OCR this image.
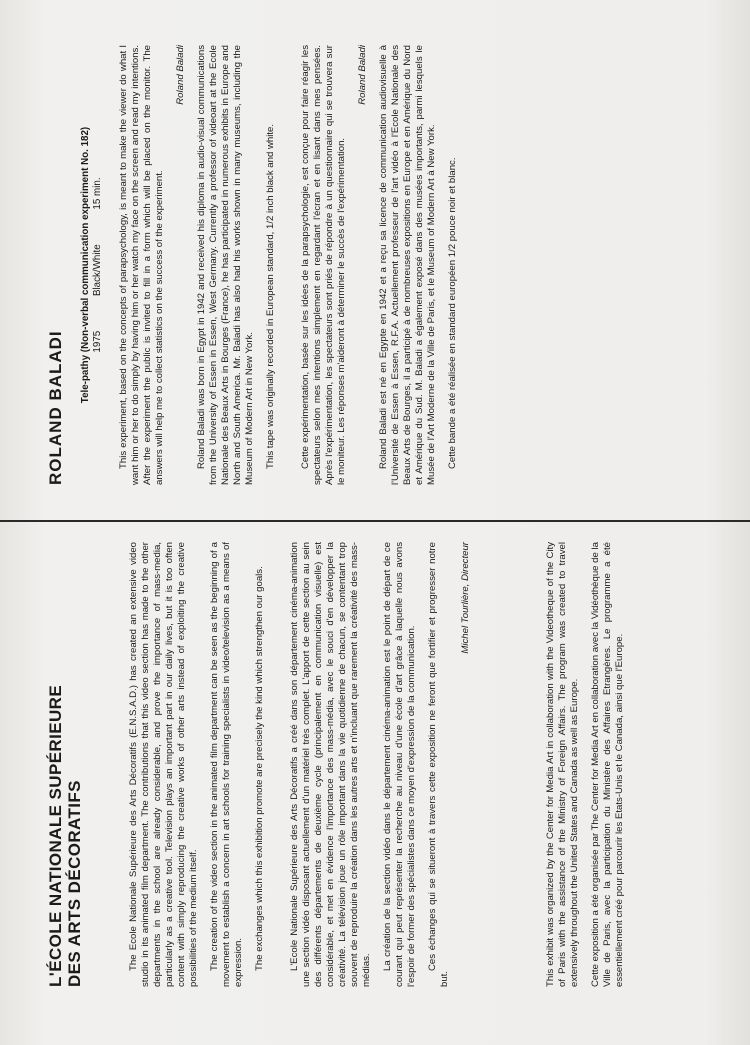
L'ÉCOLE NATIONALE SUPÉRIEURE DES ARTS DÉCORATIFS	The Ecole Nationale Supérieure des Arts Décoratifs (E.N.S.A.D.) has created an extensive video studio in its animated film department. The contributions that this video section has made to the other departments in the school are already considerable, and prove the importance of mass-media, particularly as a creative tool. Television plays an important part in our daily lives, but it is too often content with simply reproducing the creative works of other arts instead of exploiting the creative possibilities of the medium itself. The creation of the video section in the animated film department can be seen as the beginning of a movement to establish a concern in art schools for training specialists in video/television as a means of expression. The exchanges which this exhibition promote are precisely the kind which strengthen our goals.	L'Ecole Nationale Supérieure des Arts Décoratifs a créé dans son département cinéma-animation une section vidéo disposant actuellement d'un matériel très complet. L'apport de cette section au sein des différents départements de deuxième cycle (principalement en communication visuelle) est considérable, et met en évidence l'importance des mass-média, avec le souci d'en développer la créativité. La télévision joue un rôle important dans la vie quotidienne de chacun, se contentant trop souvent de reproduire la création dans les autres arts et n'incluant que rarement la créativité des mass-médias. La création de la section vidéo dans le département cinéma-animation est le point de départ de ce courant qui peut représenter la recherche au niveau d'une école d'art grâce à laquelle nous avons l'espoir de former des spécialistes dans ce moyen d'expression de la communication. Ces échanges qui se situeront à travers cette exposition ne feront que fortifier et progresser notre but.

Michel Tourlière, Directeur	This exhibit was organized by the Center for Media Art in collaboration with the Videotheque of the City of Paris with the assistance of the Ministry of Foreign Affairs. The program was created to travel extensively throughout the United States and Canada as well as Europe. Cette exposition a été organisée par The Center for Media Art en collaboration avec la Vidéothèque de la Ville de Paris, avec la participation du Ministère des Affaires Etrangères. Le programme a été essentiellement créé pour parcourir les Etats-Unis et le Canada, ainsi que l'Europe.

ROLAND BALADI
Tele-pathy (Non-verbal communication experiment No. 182) 1975 Black/White 15 min. This experiment, based on the concepts of parapsychology, is meant to make the viewer do what I want him or her to do simply by having him or her watch my face on the screen and read my intentions. After the experiment the public is invited to fill in a form which will be placed on the monitor. The answers will help me to collect statistics on the success of the experiment.

Roland Baladi Roland Baladi was born in Egypt in 1942 and received his diploma in audio-visual communications from the University of Essen in Essen, West Germany. Currently a professor of videoart at the Ecole Nationale des Beaux Arts in Bourges (France), he has participated in numerous exhibits in Europe and North and South America. Mr. Baladi has also had his works shown in many museums, including the Museum of Modern Art in New York. This tape was originally recorded in European standard, 1/2 inch black and white.	Cette expérimentation, basée sur les idées de la parapsychologie, est conçue pour faire réagir les spectateurs selon mes intentions simplement en regardant l'écran et en lisant dans mes pensées. Après l'expérimentation, les spectateurs sont priés de répondre à un questionnaire qui se trouvera sur le moniteur. Les réponses m'aideront à déterminer le succès de l'expérimentation.

Roland Baladi Roland Baladi est né en Egypte en 1942 et a reçu sa licence de communication audiovisuelle à l'Université de Essen à Essen, R.F.A. Actuellement professeur de l'art vidéo à l'Ecole Nationale des Beaux Arts de Bourges, il a participé à de nombreuses expositions en Europe et en Amérique du Nord et Amérique du Sud. M. Baladi a également exposé dans des musées importants, parmi lesquels le Musée de l'Art Moderne de la Ville de Paris, et le Museum of Modern Art à New York. Cette bande a été réalisée en standard européen 1/2 pouce noir et blanc.
